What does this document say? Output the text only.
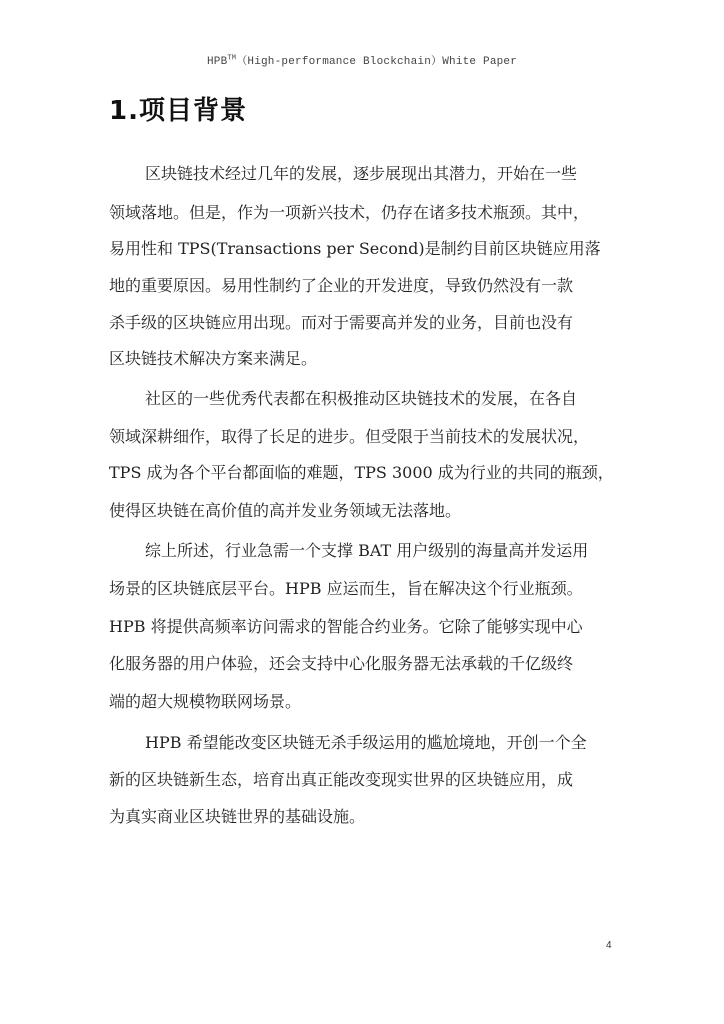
HPB™（High-performance Blockchain）White Paper
1.项目背景
区块链技术经过几年的发展，逐步展现出其潜力，开始在一些
领域落地。但是，作为一项新兴技术，仍存在诸多技术瓶颈。其中，
易用性和 TPS(Transactions per Second)是制约目前区块链应用落
地的重要原因。易用性制约了企业的开发进度，导致仍然没有一款
杀手级的区块链应用出现。而对于需要高并发的业务，目前也没有
区块链技术解决方案来满足。
社区的一些优秀代表都在积极推动区块链技术的发展，在各自
领域深耕细作，取得了长足的进步。但受限于当前技术的发展状况，
TPS 成为各个平台都面临的难题，TPS 3000 成为行业的共同的瓶颈，
使得区块链在高价值的高并发业务领域无法落地。
综上所述，行业急需一个支撑 BAT 用户级别的海量高并发运用
场景的区块链底层平台。HPB 应运而生，旨在解决这个行业瓶颈。
HPB 将提供高频率访问需求的智能合约业务。它除了能够实现中心
化服务器的用户体验，还会支持中心化服务器无法承载的千亿级终
端的超大规模物联网场景。
HPB 希望能改变区块链无杀手级运用的尴尬境地，开创一个全
新的区块链新生态，培育出真正能改变现实世界的区块链应用，成
为真实商业区块链世界的基础设施。
4
